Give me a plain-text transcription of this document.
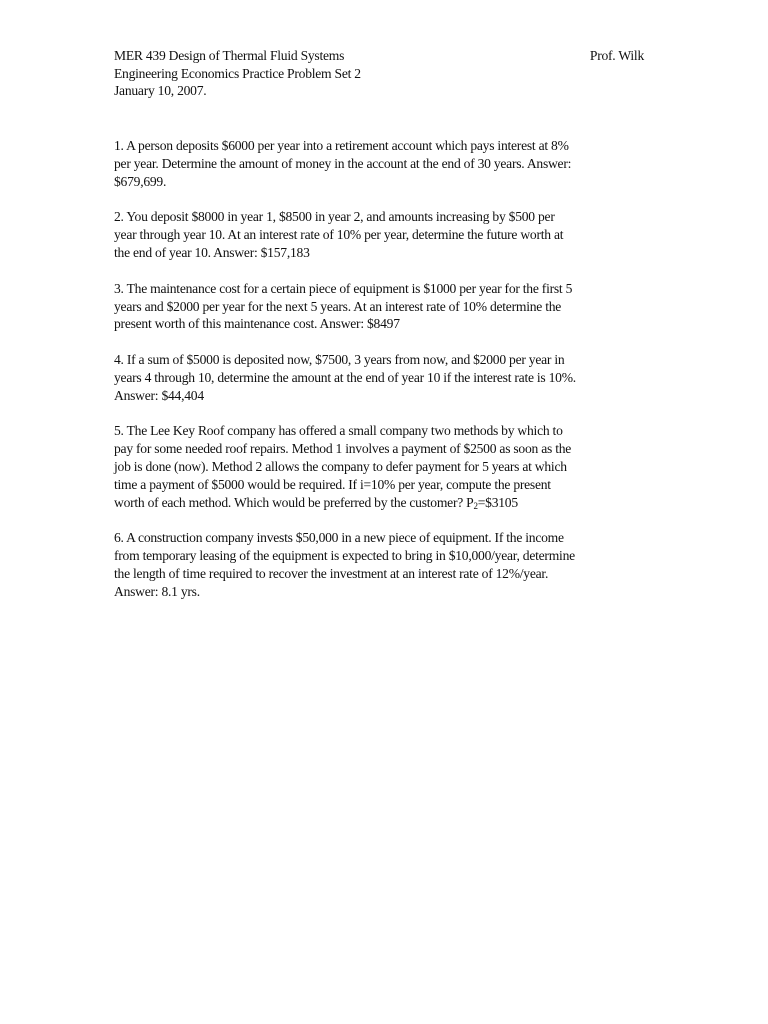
MER 439 Design of Thermal Fluid Systems	Prof. Wilk
Engineering Economics Practice Problem Set 2
January 10, 2007.
1. A person deposits $6000 per year into a retirement account which pays interest at 8%
per year. Determine the amount of money in the account at the end of 30 years. Answer:
$679,699.
2. You deposit $8000 in year 1, $8500 in year 2, and amounts increasing by $500 per
year through year 10. At an interest rate of 10% per year, determine the future worth at
the end of year 10. Answer: $157,183
3. The maintenance cost for a certain piece of equipment is $1000 per year for the first 5
years and $2000 per year for the next 5 years. At an interest rate of 10% determine the
present worth of this maintenance cost. Answer: $8497
4. If a sum of $5000 is deposited now, $7500, 3 years from now, and $2000 per year in
years 4 through 10, determine the amount at the end of year 10 if the interest rate is 10%.
Answer: $44,404
5. The Lee Key Roof company has offered a small company two methods by which to
pay for some needed roof repairs. Method 1 involves a payment of $2500 as soon as the
job is done (now). Method 2 allows the company to defer payment for 5 years at which
time a payment of $5000 would be required. If i=10% per year, compute the present
worth of each method. Which would be preferred by the customer? $P_2=\$3105$
6. A construction company invests $50,000 in a new piece of equipment. If the income
from temporary leasing of the equipment is expected to bring in $10,000/year, determine
the length of time required to recover the investment at an interest rate of 12%/year.
Answer: 8.1 yrs.
